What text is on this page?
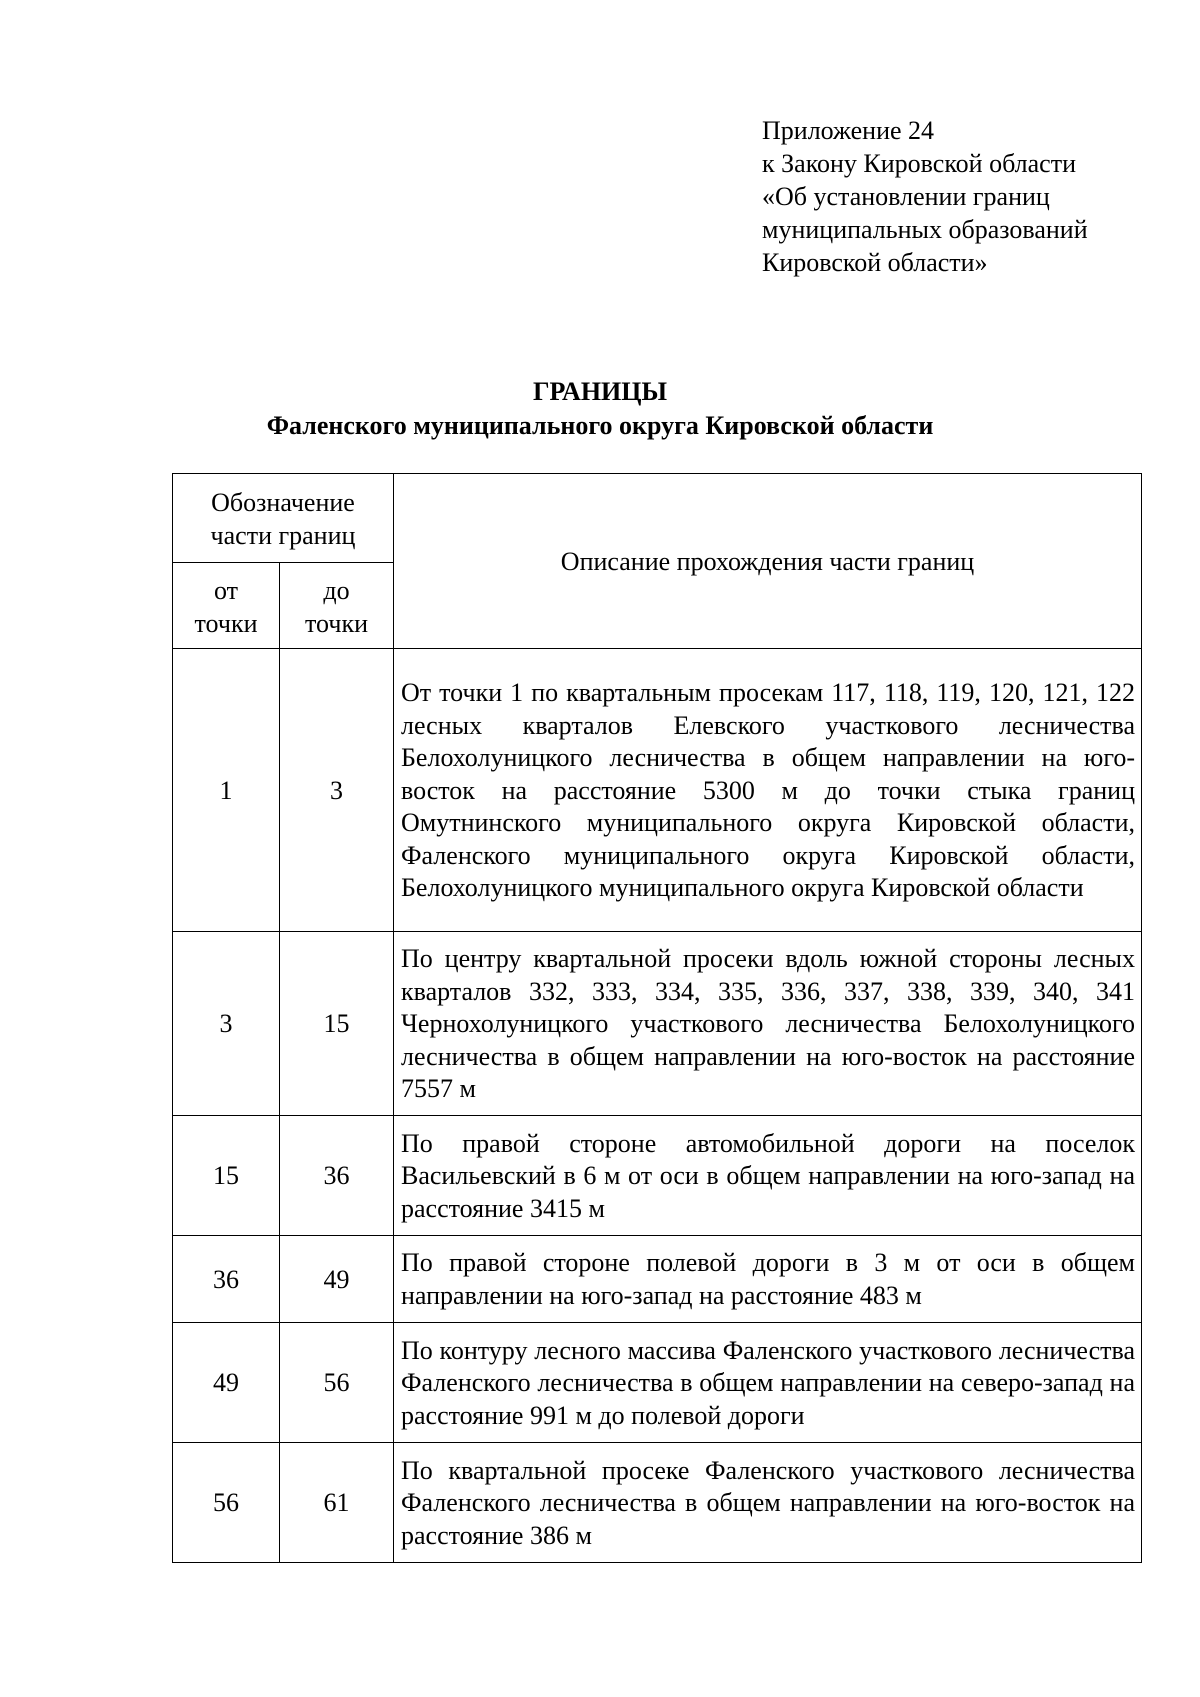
Приложение 24
к Закону Кировской области
«Об установлении границ
муниципальных образований
Кировской области»
ГРАНИЦЫ
Фаленского муниципального округа Кировской области
Обозначение части границ		Описание прохождения части границ
от точки	до точки	
1	3	От точки 1 по квартальным просекам 117, 118, 119, 120, 121, 122 лесных кварталов Елевского участкового лесничества Белохолуницкого лесничества в общем направлении на юго-восток на расстояние 5300 м до точки стыка границ Омутнинского муниципального округа Кировской области, Фаленского муниципального округа Кировской области, Белохолуницкого муниципального округа Кировской области
3	15	По центру квартальной просеки вдоль южной стороны лесных кварталов 332, 333, 334, 335, 336, 337, 338, 339, 340, 341 Чернохолуницкого участкового лесничества Белохолуницкого лесничества в общем направлении на юго-восток на расстояние 7557 м
15	36	По правой стороне автомобильной дороги на поселок Васильевский в 6 м от оси в общем направлении на юго-запад на расстояние 3415 м
36	49	По правой стороне полевой дороги в 3 м от оси в общем направлении на юго-запад на расстояние 483 м
49	56	По контуру лесного массива Фаленского участкового лесничества Фаленского лесничества в общем направлении на северо-запад на расстояние 991 м до полевой дороги
56	61	По квартальной просеке Фаленского участкового лесничества Фаленского лесничества в общем направлении на юго-восток на расстояние 386 м
